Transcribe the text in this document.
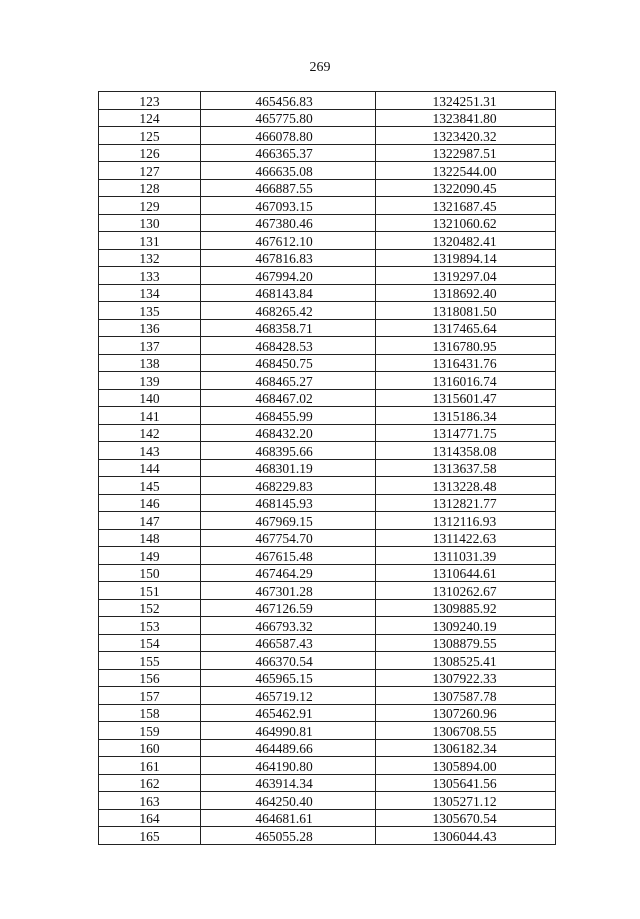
269
123	465456.83	1324251.31
124	465775.80	1323841.80
125	466078.80	1323420.32
126	466365.37	1322987.51
127	466635.08	1322544.00
128	466887.55	1322090.45
129	467093.15	1321687.45
130	467380.46	1321060.62
131	467612.10	1320482.41
132	467816.83	1319894.14
133	467994.20	1319297.04
134	468143.84	1318692.40
135	468265.42	1318081.50
136	468358.71	1317465.64
137	468428.53	1316780.95
138	468450.75	1316431.76
139	468465.27	1316016.74
140	468467.02	1315601.47
141	468455.99	1315186.34
142	468432.20	1314771.75
143	468395.66	1314358.08
144	468301.19	1313637.58
145	468229.83	1313228.48
146	468145.93	1312821.77
147	467969.15	1312116.93
148	467754.70	1311422.63
149	467615.48	1311031.39
150	467464.29	1310644.61
151	467301.28	1310262.67
152	467126.59	1309885.92
153	466793.32	1309240.19
154	466587.43	1308879.55
155	466370.54	1308525.41
156	465965.15	1307922.33
157	465719.12	1307587.78
158	465462.91	1307260.96
159	464990.81	1306708.55
160	464489.66	1306182.34
161	464190.80	1305894.00
162	463914.34	1305641.56
163	464250.40	1305271.12
164	464681.61	1305670.54
165	465055.28	1306044.43
